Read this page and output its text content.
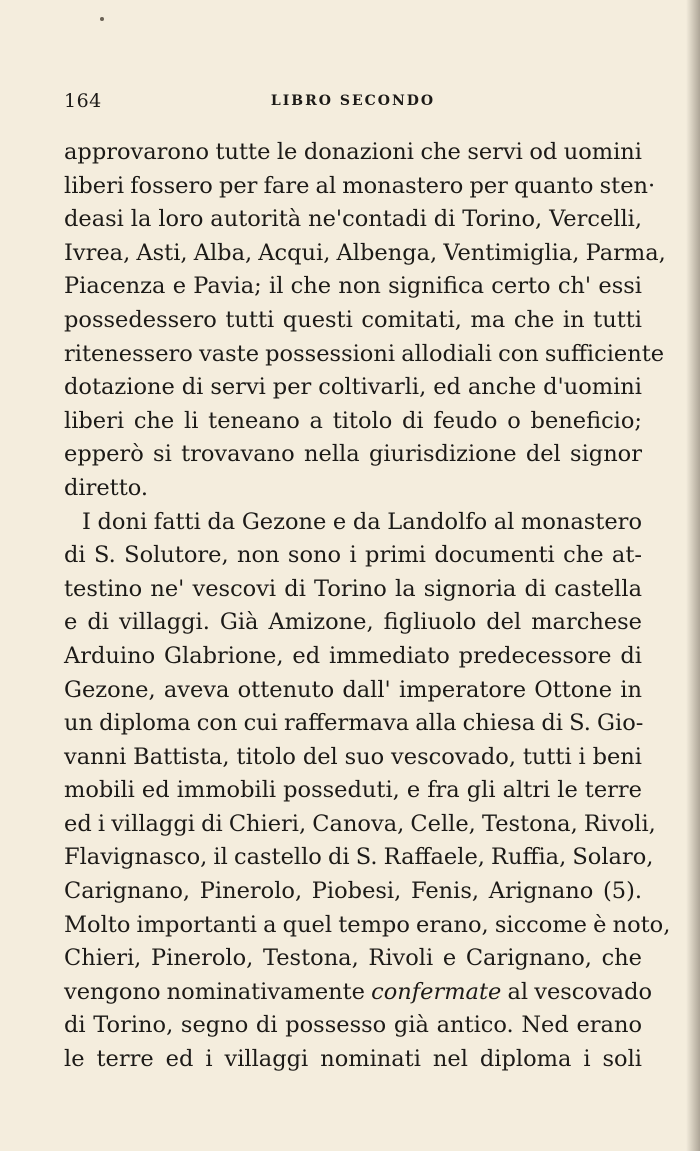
164	LIBRO SECONDO
approvarono tutte le donazioni che servi od uomini
liberi fossero per fare al monastero per quanto sten·
deasi la loro autorità ne'contadi di Torino, Vercelli,
Ivrea, Asti, Alba, Acqui, Albenga, Ventimiglia, Parma,
Piacenza e Pavia; il che non significa certo ch' essi
possedessero tutti questi comitati, ma che in tutti
ritenessero vaste possessioni allodiali con sufficiente
dotazione di servi per coltivarli, ed anche d'uomini
liberi che li teneano a titolo di feudo o beneficio;
epperò si trovavano nella giurisdizione del signor
diretto.
I doni fatti da Gezone e da Landolfo al monastero
di S. Solutore, non sono i primi documenti che at-
testino ne' vescovi di Torino la signoria di castella
e di villaggi. Già Amizone, figliuolo del marchese
Arduino Glabrione, ed immediato predecessore di
Gezone, aveva ottenuto dall' imperatore Ottone in
un diploma con cui raffermava alla chiesa di S. Gio-
vanni Battista, titolo del suo vescovado, tutti i beni
mobili ed immobili posseduti, e fra gli altri le terre
ed i villaggi di Chieri, Canova, Celle, Testona, Rivoli,
Flavignasco, il castello di S. Raffaele, Ruffia, Solaro,
Carignano, Pinerolo, Piobesi, Fenis, Arignano (5).
Molto importanti a quel tempo erano, siccome è noto,
Chieri, Pinerolo, Testona, Rivoli e Carignano, che
vengono nominativamente confermate al vescovado
di Torino, segno di possesso già antico. Ned erano
le terre ed i villaggi nominati nel diploma i soli
